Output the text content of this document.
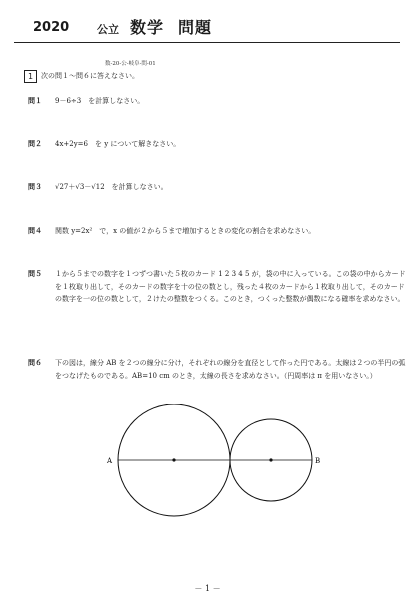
2020	公立 数学 問題
数-20-公-岐阜-問-01
1	次の問１～問６に答えなさい。
問１ 9－6÷3　を計算しなさい。
問２ 4x+2y=6　を y について解きなさい。
問３ √27＋√3－√12　を計算しなさい。
問４ 関数 y=2x²　で，x の値が２から５まで増加するときの変化の割合を求めなさい。
問５	１から５までの数字を１つずつ書いた５枚のカード 1 2 3 4 5 が，袋の中に入っている。この袋の中からカードを１枚取り出して，そのカードの数字を十の位の数とし，残った４枚のカードから１枚取り出して，そのカードの数字を一の位の数として，２けたの整数をつくる。このとき，つくった整数が偶数になる確率を求めなさい。
問６	下の図は，線分 AB を２つの線分に分け，それぞれの線分を直径として作った円である。太線は２つの半円の弧をつなげたものである。AB=10 cm のとき，太線の長さを求めなさい。（円周率は π を用いなさい。）
A	B
－ 1 －
